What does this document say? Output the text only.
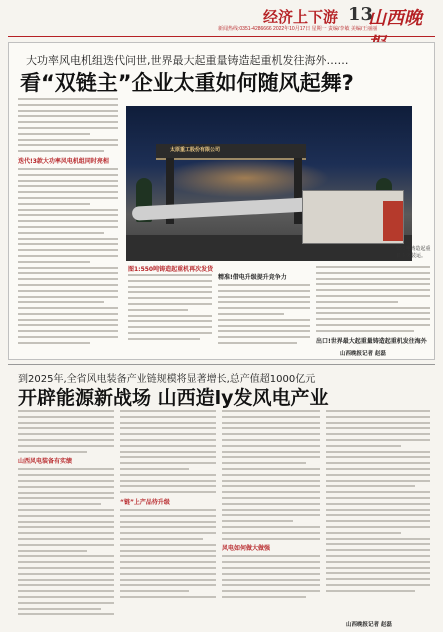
经济上下游 13
山西晚
新闻热线:0351-4286666 2022年10月17日 星期一 责编/李敏 美编/王丽丽
大功率风电机组迭代问世,世界最大起重量铸造起重机发往海外……
看“双链主”企业太重如何随风起舞?
迭代!3款大功率风电机组同时亮相
太原重工股份有限公司
550吨铸造起重机主梁装运。
图1:550吨铸造起重机再次发货
精准!借电升级提升竞争力
出口!世界最大起重量铸造起重机发往海外
山西晚报记者 赵磊
到2025年,全省风电装备产业链规模将显著增长,总产值超1000亿元
开辟能源新战场 山西造ly发风电产业
山西风电装备有实绩
“链”上产品待升级
风电如何做大做强
山西晚报记者 赵磊
